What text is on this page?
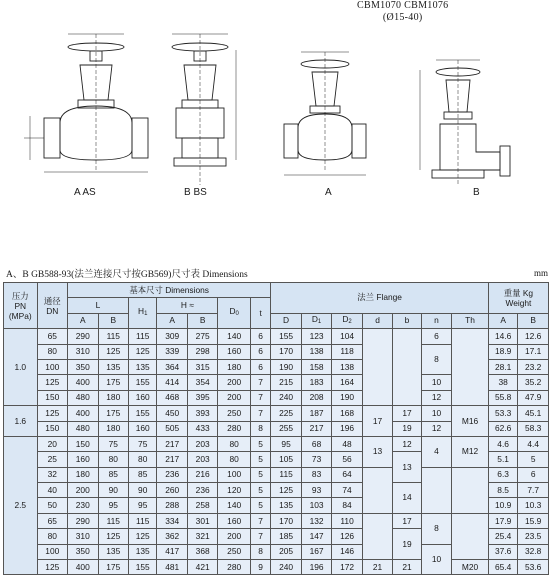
CBM1070 CBM1076
(Ø15-40)
A AS	B BS	A	B
A、B GB588-93(法兰连接尺寸按GB569)尺寸表 Dimensions	mm
压力
PN
(MPa)	通径
DN	基本尺寸 Dimensions							法兰 Flange							重量 Kg
Weight	
		L		H1	H ≈		D0	t									
		A	B		A	B			D	D1	D2	d	b	n	Th	A	B
1.0	65	290	115	115	309	275	140	6	155	123	104			6		14.6	12.6
	80	310	125	125	339	298	160	6	170	138	118			8		18.9	17.1
	100	350	135	135	364	315	180	6	190	158	138					28.1	23.2
	125	400	175	155	414	354	200	7	215	183	164			10		38	35.2
	150	480	180	160	468	395	200	7	240	208	190			12		55.8	47.9
1.6	125	400	175	155	450	393	250	7	225	187	168	17	17	10	M16	53.3	45.1
	150	480	180	160	505	433	280	8	255	217	196		19	12		62.6	58.3
2.5	20	150	75	75	217	203	80	5	95	68	48	13	12	4	M12	4.6	4.4
	25	160	80	80	217	203	80	5	105	73	56		13			5.1	5
	32	180	85	85	236	216	100	5	115	83	64					6.3	6
	40	200	90	90	260	236	120	5	125	93	74		14			8.5	7.7
	50	230	95	95	288	258	140	5	135	103	84					10.9	10.3
	65	290	115	115	334	301	160	7	170	132	110		17	8		17.9	15.9
	80	310	125	125	362	321	200	7	185	147	126		19			25.4	23.5
	100	350	135	135	417	368	250	8	205	167	146			10		37.6	32.8
	125	400	175	155	481	421	280	9	240	196	172	21	21		M20	65.4	53.6
